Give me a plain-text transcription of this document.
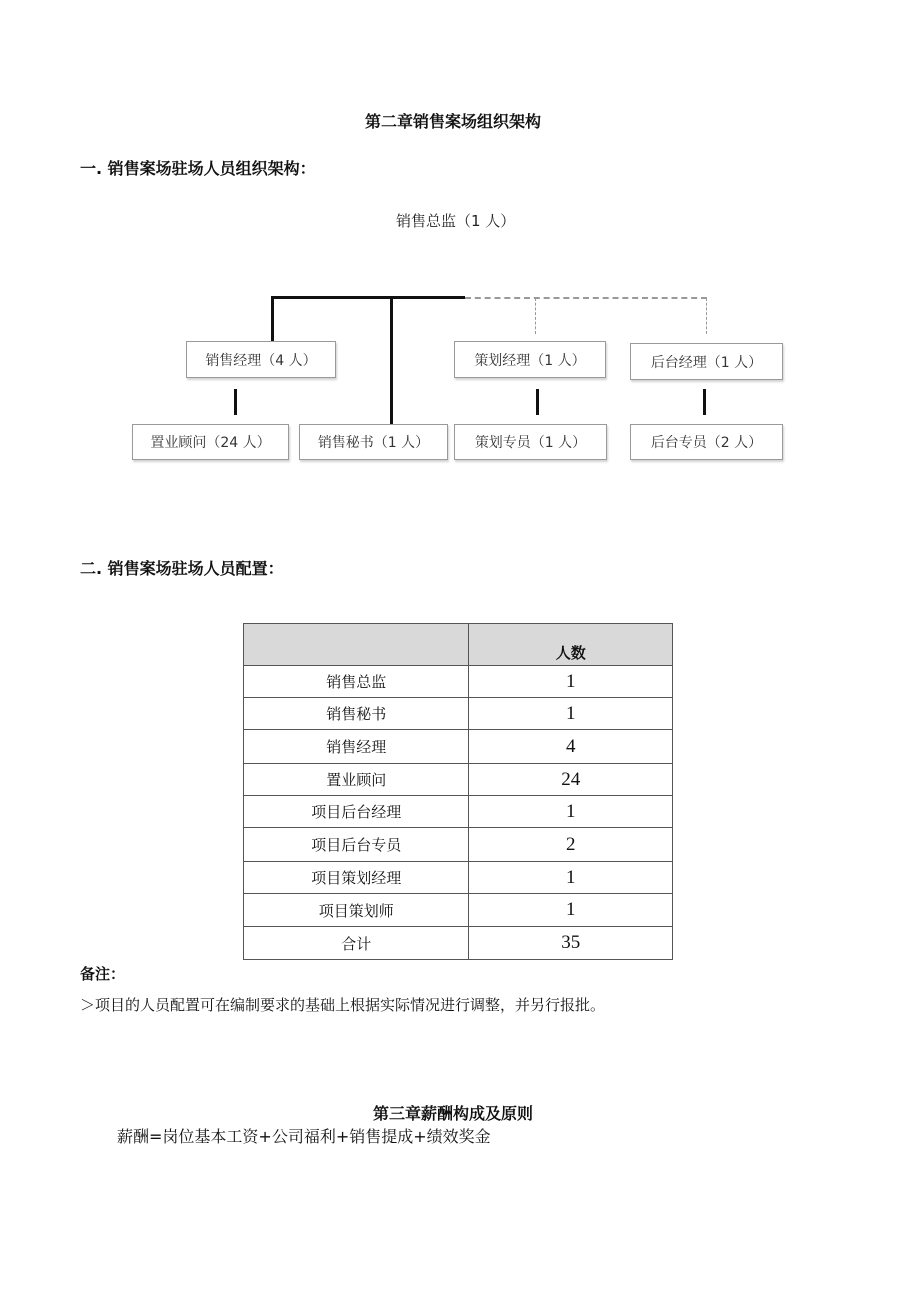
第二章销售案场组织架构
一. 销售案场驻场人员组织架构：
销售总监（1 人）
销售经理（4 人）	策划经理（1 人）	后台经理（1 人）
置业顾问（24 人）	销售秘书（1 人）	策划专员（1 人）	后台专员（2 人）
二. 销售案场驻场人员配置：
	人数
销售总监	1
销售秘书	1
销售经理	4
置业顾问	24
项目后台经理	1
项目后台专员	2
项目策划经理	1
项目策划师	1
合计	35
备注：
＞项目的人员配置可在编制要求的基础上根据实际情况进行调整，并另行报批。
第三章薪酬构成及原则
薪酬=岗位基本工资+公司福利+销售提成+绩效奖金
